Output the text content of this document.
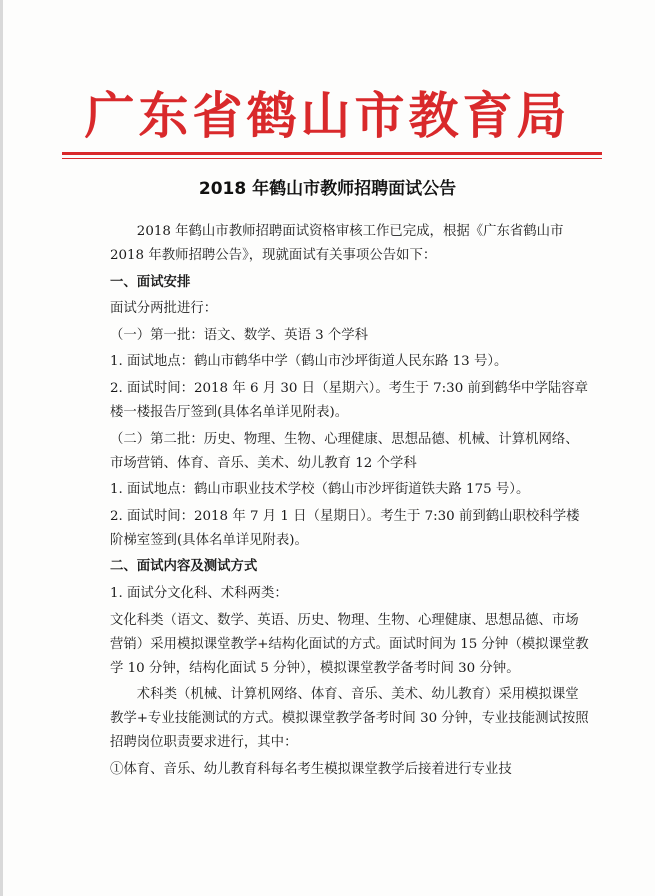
广东省鹤山市教育局
2018 年鹤山市教师招聘面试公告

2018 年鹤山市教师招聘面试资格审核工作已完成，根据《广东省鹤山市 2018 年教师招聘公告》，现就面试有关事项公告如下：

一、面试安排

面试分两批进行：

（一）第一批：语文、数学、英语 3 个学科

1. 面试地点：鹤山市鹤华中学（鹤山市沙坪街道人民东路 13 号）。

2. 面试时间：2018 年 6 月 30 日（星期六）。考生于 7:30 前到鹤华中学陆容章楼一楼报告厅签到(具体名单详见附表)。

（二）第二批：历史、物理、生物、心理健康、思想品德、机械、计算机网络、市场营销、体育、音乐、美术、幼儿教育 12 个学科

1. 面试地点：鹤山市职业技术学校（鹤山市沙坪街道铁夫路 175 号）。

2. 面试时间：2018 年 7 月 1 日（星期日）。考生于 7:30 前到鹤山职校科学楼阶梯室签到(具体名单详见附表)。

二、面试内容及测试方式

1. 面试分文化科、术科两类：

文化科类（语文、数学、英语、历史、物理、生物、心理健康、思想品德、市场营销）采用模拟课堂教学+结构化面试的方式。面试时间为 15 分钟（模拟课堂教学 10 分钟，结构化面试 5 分钟），模拟课堂教学备考时间 30 分钟。

术科类（机械、计算机网络、体育、音乐、美术、幼儿教育）采用模拟课堂教学+专业技能测试的方式。模拟课堂教学备考时间 30 分钟，专业技能测试按照招聘岗位职责要求进行，其中：

①体育、音乐、幼儿教育科每名考生模拟课堂教学后接着进行专业技
